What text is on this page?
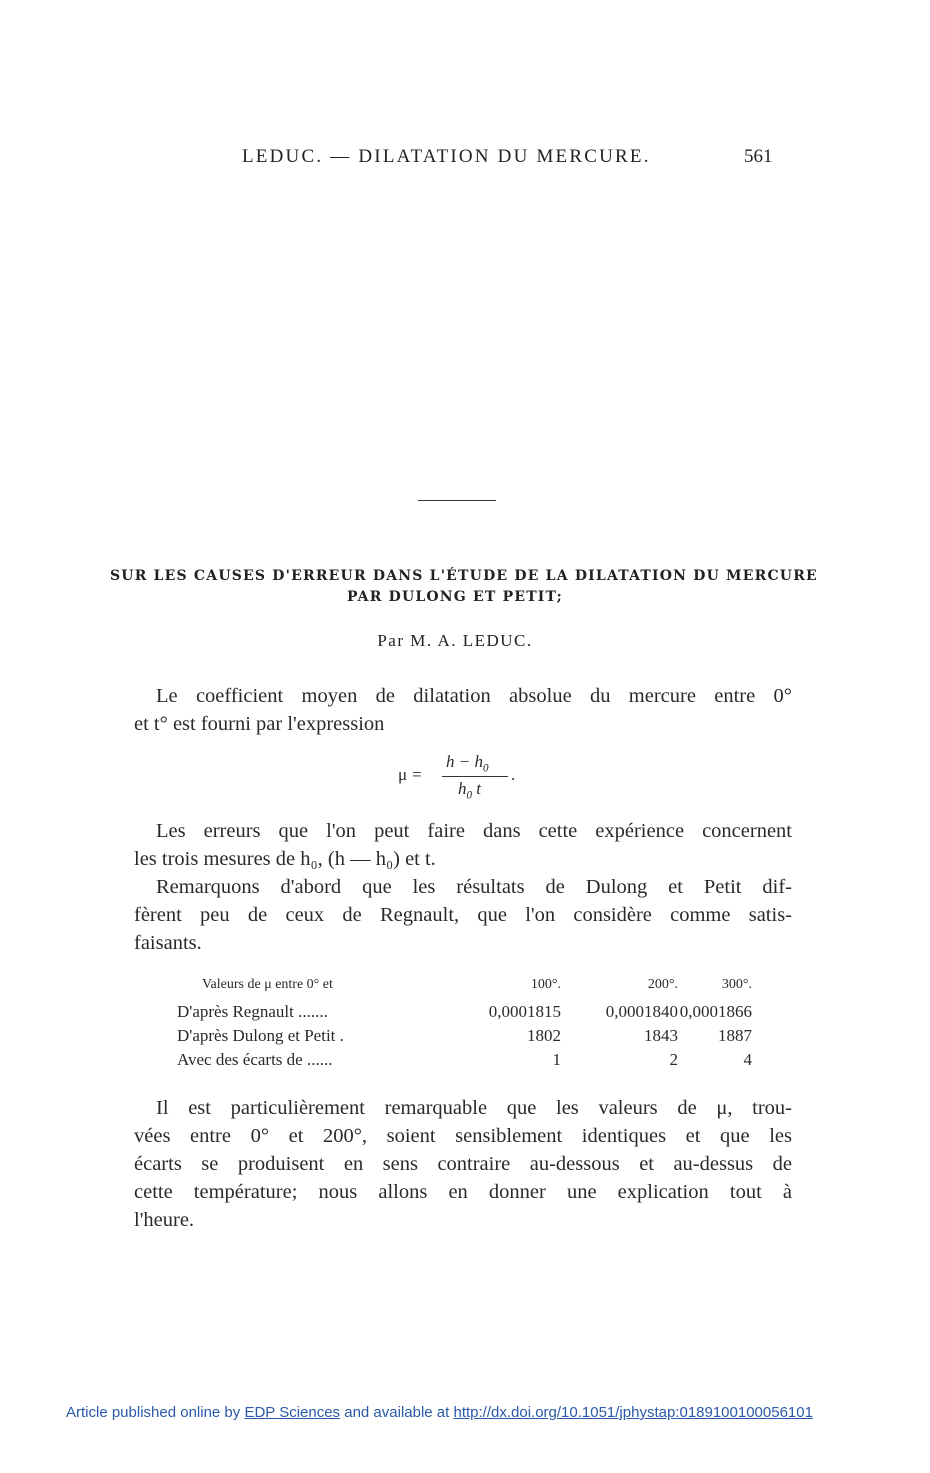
LEDUC. — DILATATION DU MERCURE.	561
SUR LES CAUSES D'ERREUR DANS L'ÉTUDE DE LA DILATATION DU MERCURE
PAR DULONG ET PETIT;
Par M. A. LEDUC.
Le coefficient moyen de dilatation absolue du mercure entre 0°
et t° est fourni par l'expression
μ =
$h - h_0$
$h_0$ t
.
Les erreurs que l'on peut faire dans cette expérience concernent
les trois mesures de h₀, (h — h₀) et t.
Remarquons d'abord que les résultats de Dulong et Petit dif-
fèrent peu de ceux de Regnault, que l'on considère comme satis-
faisants.
Valeurs de μ entre 0° et	100°.	200°.	300°.
D'après Regnault .......	0,0001815	0,0001840 0,0001866
D'après Dulong et Petit .	1802	1843	1887
Avec des écarts de ......	1	2	4
Il est particulièrement remarquable que les valeurs de μ, trou-
vées entre 0° et 200°, soient sensiblement identiques et que les
écarts se produisent en sens contraire au-dessous et au-dessus de
cette température; nous allons en donner une explication tout à
l'heure.
Article published online by EDP Sciences and available at http://dx.doi.org/10.1051/jphystap:0189100100056101
